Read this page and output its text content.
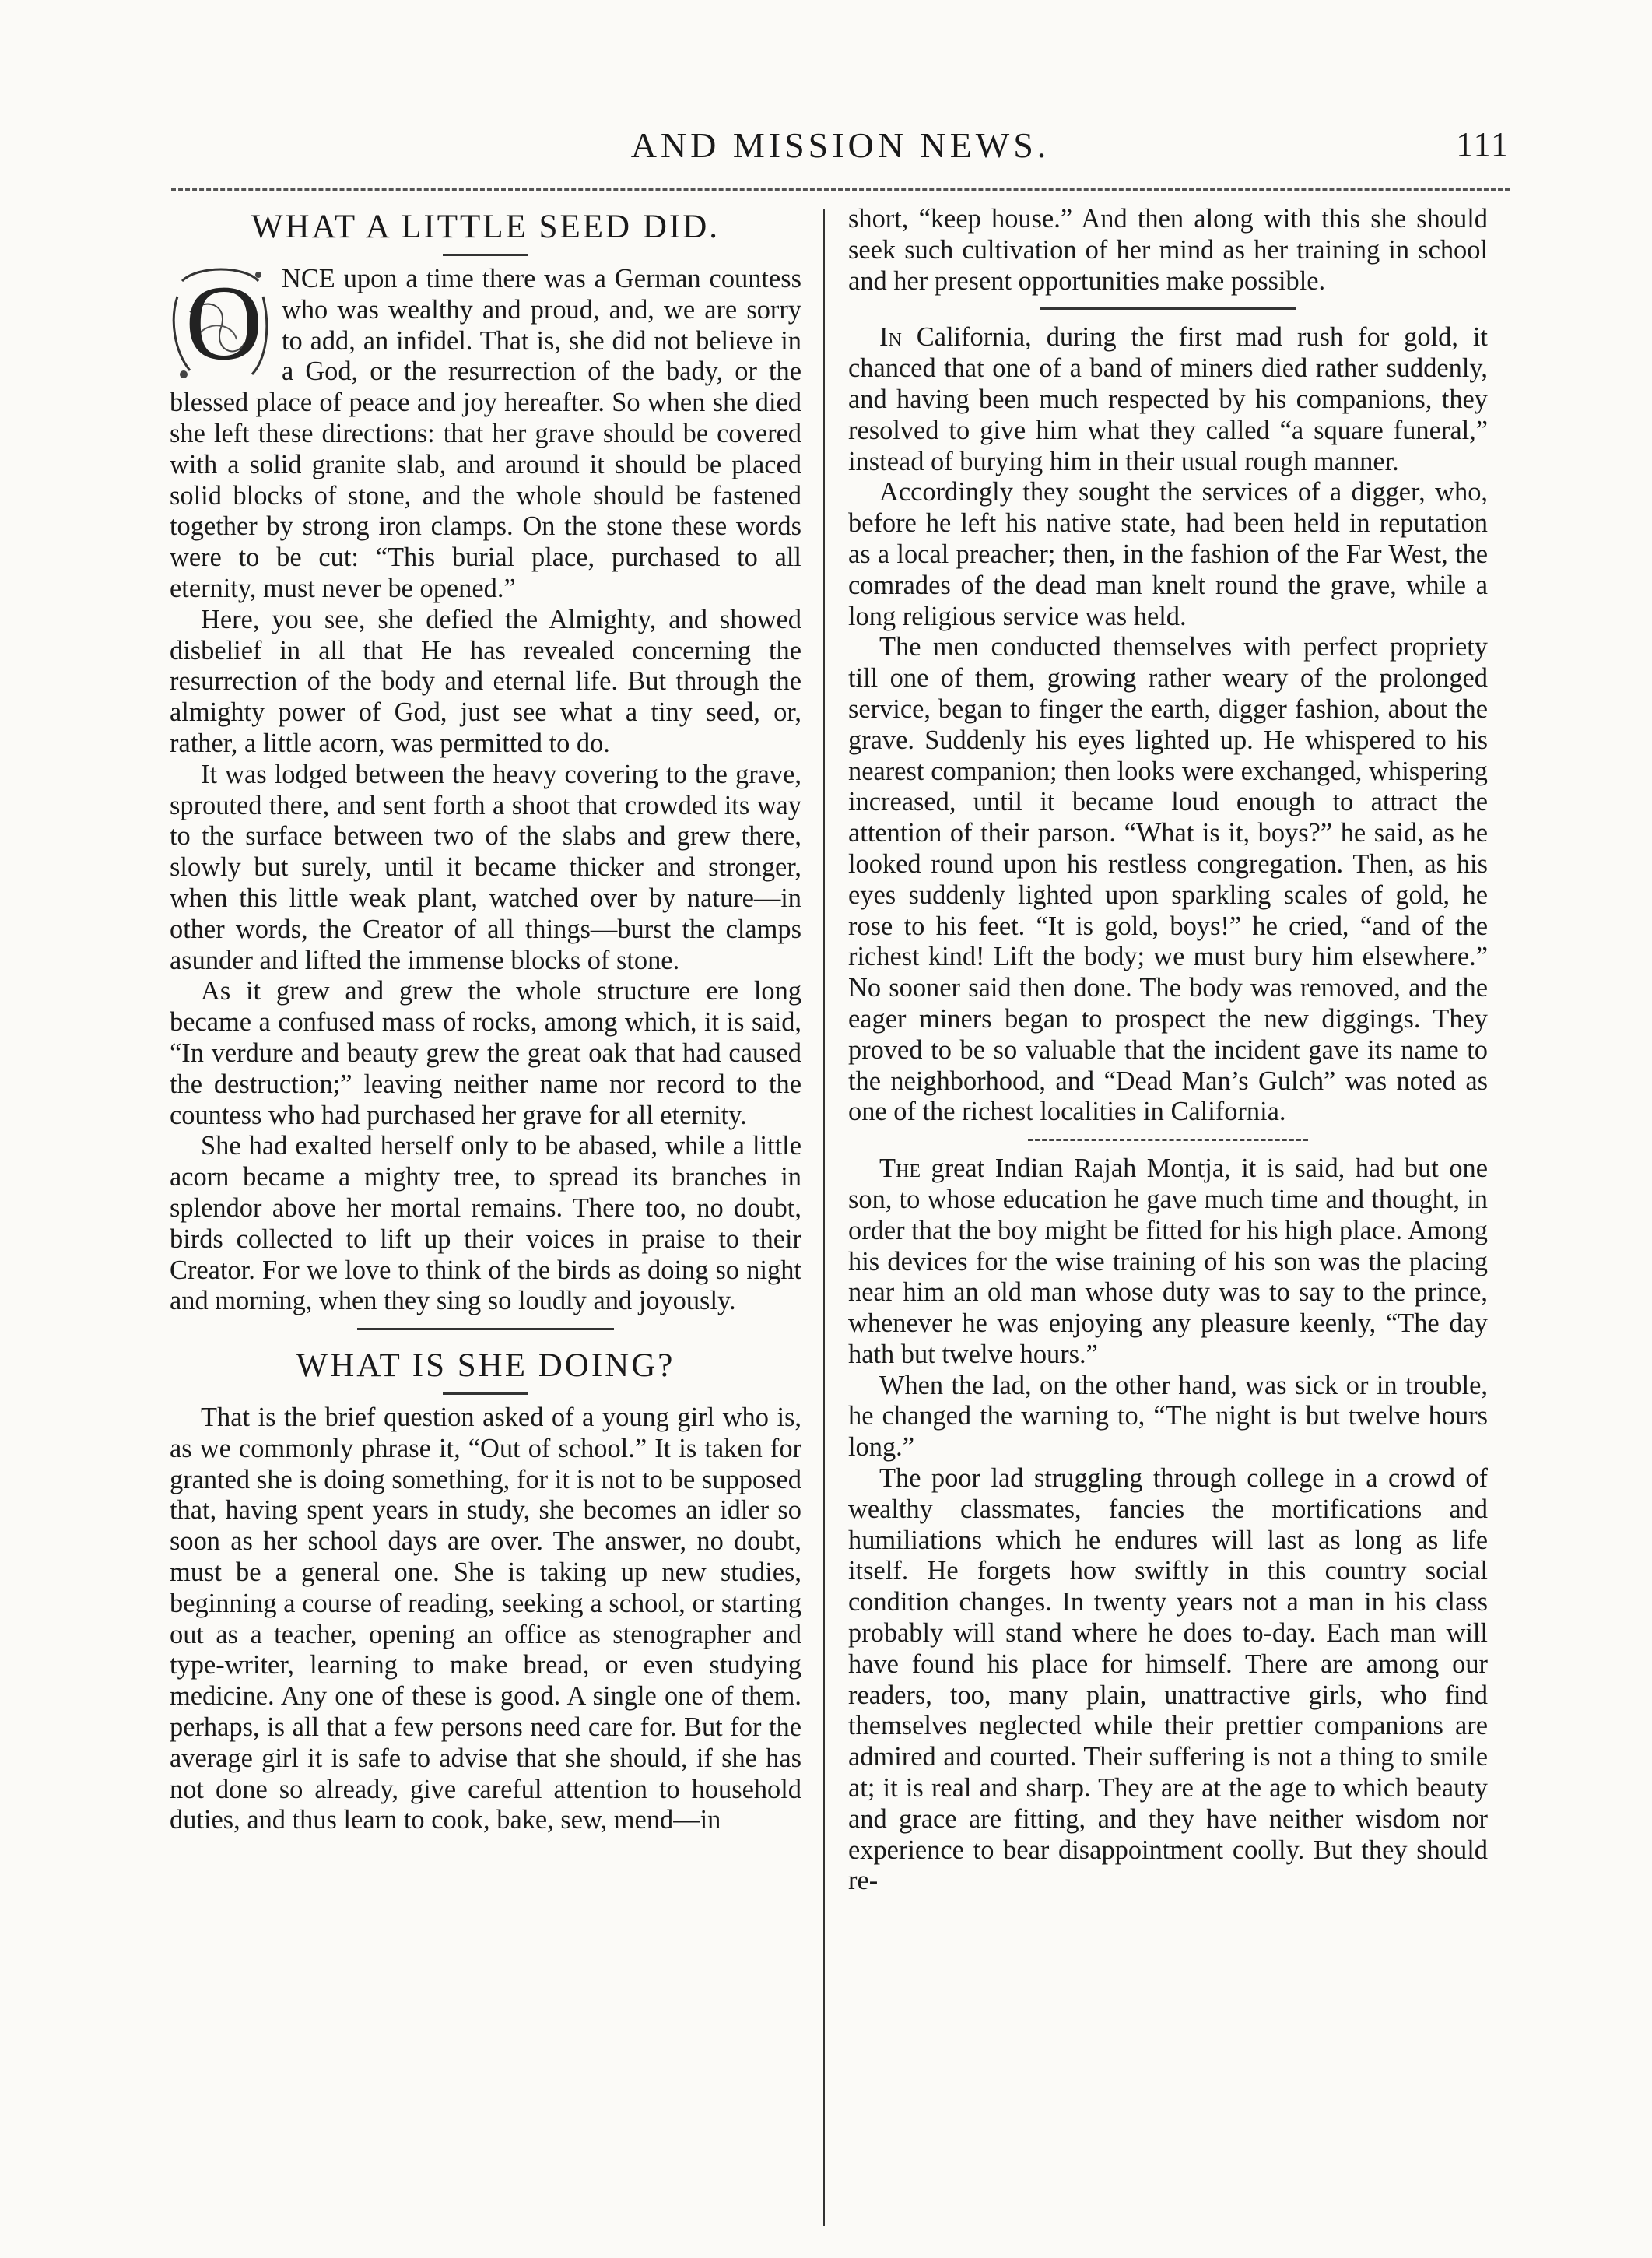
AND MISSION NEWS.	111
WHAT A LITTLE SEED DID.

O NCE upon a time there was a German countess who was wealthy and proud, and, we are sorry to add, an infidel. That is, she did not believe in a God, or the resurrection of the bady, or the blessed place of peace and joy hereafter. So when she died she left these directions: that her grave should be covered with a solid granite slab, and around it should be placed solid blocks of stone, and the whole should be fastened together by strong iron clamps. On the stone these words were to be cut: “This burial place, purchased to all eternity, must never be opened.”

Here, you see, she defied the Almighty, and showed disbelief in all that He has revealed concerning the resurrection of the body and eternal life. But through the almighty power of God, just see what a tiny seed, or, rather, a little acorn, was permitted to do.

It was lodged between the heavy covering to the grave, sprouted there, and sent forth a shoot that crowded its way to the surface between two of the slabs and grew there, slowly but surely, until it became thicker and stronger, when this little weak plant, watched over by nature—in other words, the Creator of all things—burst the clamps asunder and lifted the immense blocks of stone.

As it grew and grew the whole structure ere long became a confused mass of rocks, among which, it is said, “In verdure and beauty grew the great oak that had caused the destruction;” leaving neither name nor record to the countess who had purchased her grave for all eternity.

She had exalted herself only to be abased, while a little acorn became a mighty tree, to spread its branches in splendor above her mortal remains. There too, no doubt, birds collected to lift up their voices in praise to their Creator. For we love to think of the birds as doing so night and morning, when they sing so loudly and joyously.

WHAT IS SHE DOING?

That is the brief question asked of a young girl who is, as we commonly phrase it, “Out of school.” It is taken for granted she is doing something, for it is not to be supposed that, having spent years in study, she becomes an idler so soon as her school days are over. The answer, no doubt, must be a general one. She is taking up new studies, beginning a course of reading, seeking a school, or starting out as a teacher, opening an office as stenographer and type-writer, learning to make bread, or even studying medicine. Any one of these is good. A single one of them. perhaps, is all that a few persons need care for. But for the average girl it is safe to advise that she should, if she has not done so already, give careful attention to household duties, and thus learn to cook, bake, sew, mend—in

short, “keep house.” And then along with this she should seek such cultivation of her mind as her training in school and her present opportunities make possible.

In California, during the first mad rush for gold, it chanced that one of a band of miners died rather suddenly, and having been much respected by his companions, they resolved to give him what they called “a square funeral,” instead of burying him in their usual rough manner.

Accordingly they sought the services of a digger, who, before he left his native state, had been held in reputation as a local preacher; then, in the fashion of the Far West, the comrades of the dead man knelt round the grave, while a long religious service was held.

The men conducted themselves with perfect propriety till one of them, growing rather weary of the prolonged service, began to finger the earth, digger fashion, about the grave. Suddenly his eyes lighted up. He whispered to his nearest companion; then looks were exchanged, whispering increased, until it became loud enough to attract the attention of their parson. “What is it, boys?” he said, as he looked round upon his restless congregation. Then, as his eyes suddenly lighted upon sparkling scales of gold, he rose to his feet. “It is gold, boys!” he cried, “and of the richest kind! Lift the body; we must bury him elsewhere.” No sooner said then done. The body was removed, and the eager miners began to prospect the new diggings. They proved to be so valuable that the incident gave its name to the neighborhood, and “Dead Man’s Gulch” was noted as one of the richest localities in California.

The great Indian Rajah Montja, it is said, had but one son, to whose education he gave much time and thought, in order that the boy might be fitted for his high place. Among his devices for the wise training of his son was the placing near him an old man whose duty was to say to the prince, whenever he was enjoying any pleasure keenly, “The day hath but twelve hours.”

When the lad, on the other hand, was sick or in trouble, he changed the warning to, “The night is but twelve hours long.”

The poor lad struggling through college in a crowd of wealthy classmates, fancies the mortifications and humiliations which he endures will last as long as life itself. He forgets how swiftly in this country social condition changes. In twenty years not a man in his class probably will stand where he does to-day. Each man will have found his place for himself. There are among our readers, too, many plain, unattractive girls, who find themselves neglected while their prettier companions are admired and courted. Their suffering is not a thing to smile at; it is real and sharp. They are at the age to which beauty and grace are fitting, and they have neither wisdom nor experience to bear disappointment coolly. But they should re-
